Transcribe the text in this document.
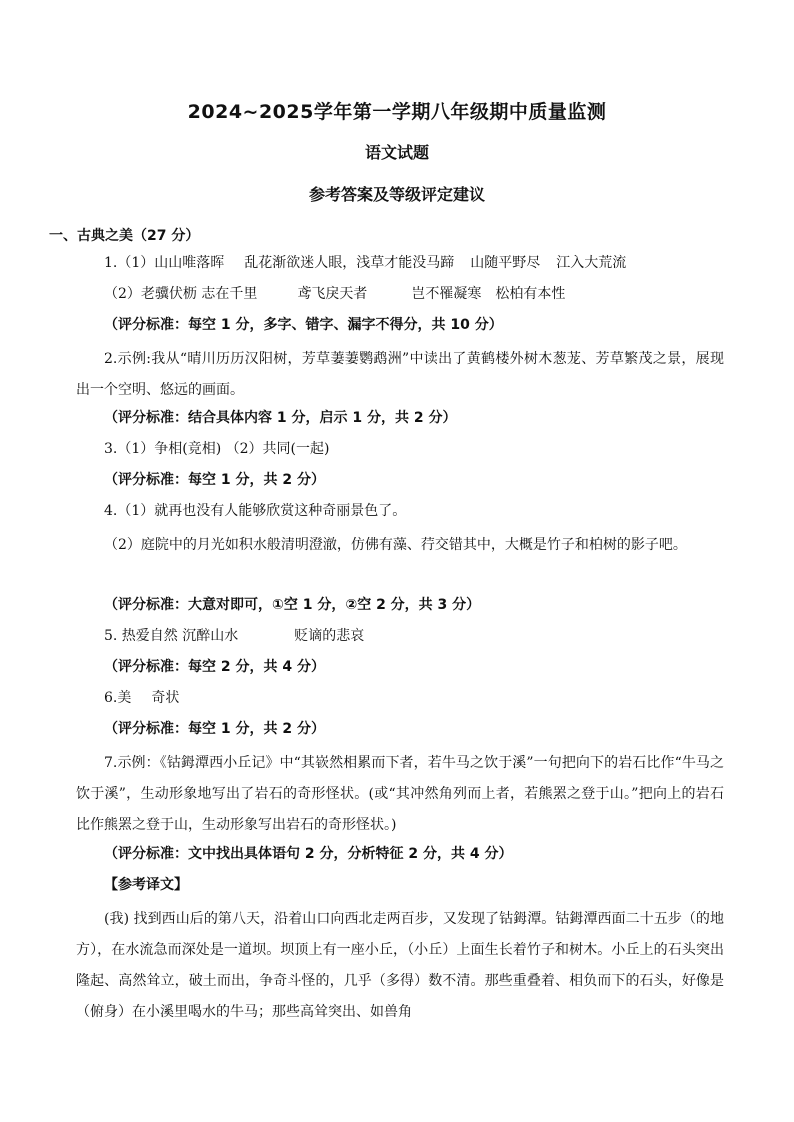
2024~2025学年第一学期八年级期中质量监测
语文试题
参考答案及等级评定建议
一、古典之美（27 分）
1.（1）山山唯落晖 乱花渐欲迷人眼，浅草才能没马蹄 山随平野尽 江入大荒流
（2）老骥伏枥 志在千里	鸢飞戾天者	岂不罹凝寒 松柏有本性
（评分标准：每空 1 分，多字、错字、漏字不得分，共 10 分）
2.示例:我从“晴川历历汉阳树，芳草萋萋鹦鹉洲”中读出了黄鹤楼外树木葱茏、芳草繁茂之景，展现出一个空明、悠远的画面。
（评分标准：结合具体内容 1 分，启示 1 分，共 2 分）
3.（1）争相(竞相) （2）共同(一起)
（评分标准：每空 1 分，共 2 分）
4.（1）就再也没有人能够欣赏这种奇丽景色了。
（2）庭院中的月光如积水般清明澄澈，仿佛有藻、荇交错其中，大概是竹子和柏树的影子吧。
（评分标准：大意对即可，①空 1 分，②空 2 分，共 3 分）
5. 热爱自然 沉醉山水	贬谪的悲哀
（评分标准：每空 2 分，共 4 分）
6.美 奇状
（评分标准：每空 1 分，共 2 分）
7.示例：《钴鉧潭西小丘记》中“其嵚然相累而下者，若牛马之饮于溪”一句把向下的岩石比作“牛马之饮于溪”，生动形象地写出了岩石的奇形怪状。(或“其冲然角列而上者，若熊罴之登于山。”把向上的岩石比作熊罴之登于山，生动形象写出岩石的奇形怪状。)
（评分标准：文中找出具体语句 2 分，分析特征 2 分，共 4 分）
【参考译文】
(我) 找到西山后的第八天，沿着山口向西北走两百步，又发现了钴鉧潭。钴鉧潭西面二十五步（的地方），在水流急而深处是一道坝。坝顶上有一座小丘，（小丘）上面生长着竹子和树木。小丘上的石头突出隆起、高然耸立，破土而出，争奇斗怪的，几乎（多得）数不清。那些重叠着、相负而下的石头，好像是（俯身）在小溪里喝水的牛马；那些高耸突出、如兽角
